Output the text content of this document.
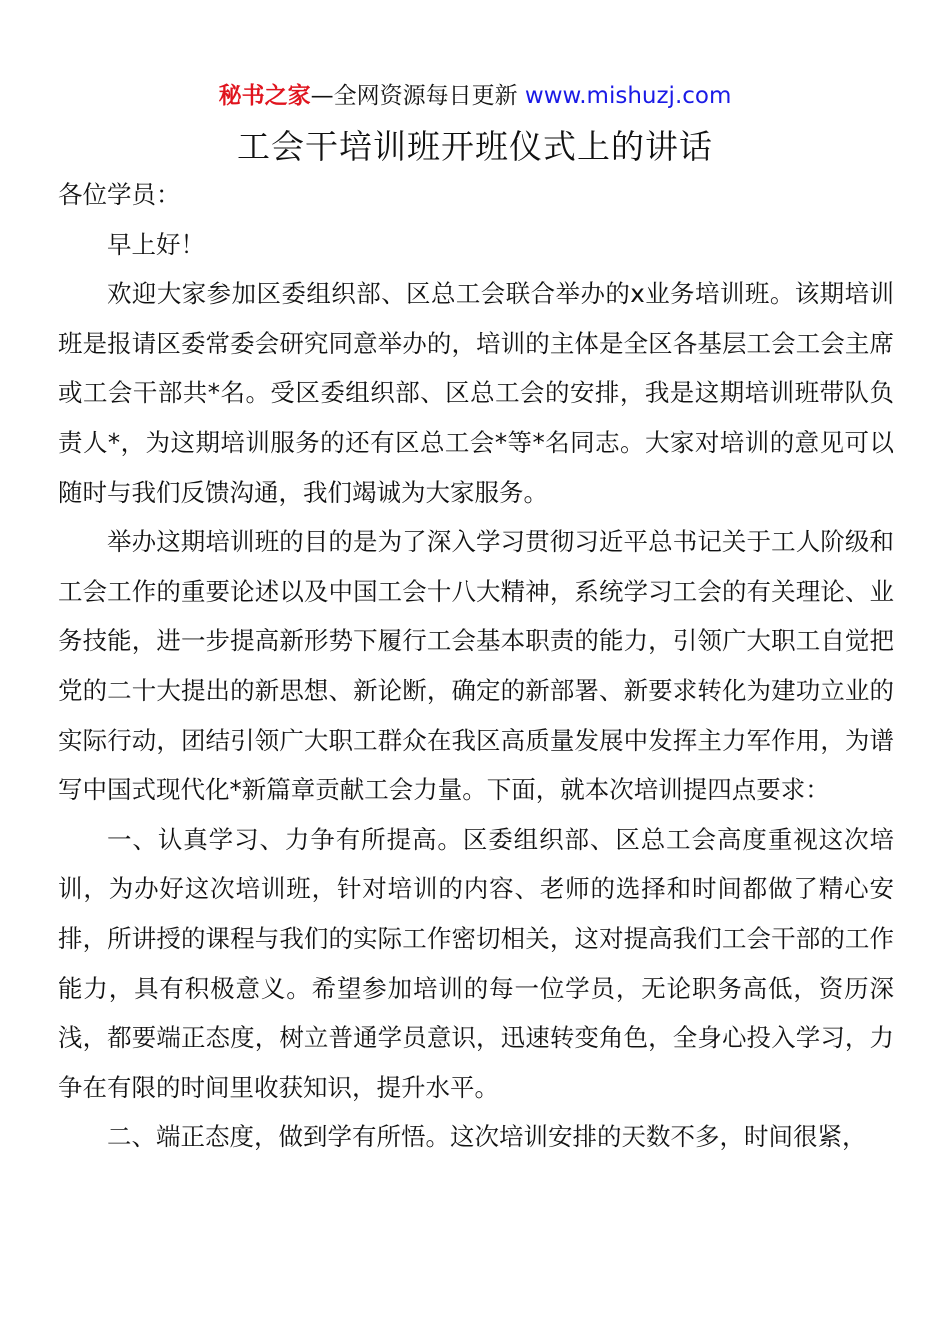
秘书之家—全网资源每日更新 www.mishuzj.com
工会干培训班开班仪式上的讲话

各位学员：

早上好！

欢迎大家参加区委组织部、区总工会联合举办的x业务培训班。该期培训班是报请区委常委会研究同意举办的，培训的主体是全区各基层工会工会主席或工会干部共*名。受区委组织部、区总工会的安排，我是这期培训班带队负责人*，为这期培训服务的还有区总工会*等*名同志。大家对培训的意见可以随时与我们反馈沟通，我们竭诚为大家服务。

举办这期培训班的目的是为了深入学习贯彻习近平总书记关于工人阶级和工会工作的重要论述以及中国工会十八大精神，系统学习工会的有关理论、业务技能，进一步提高新形势下履行工会基本职责的能力，引领广大职工自觉把党的二十大提出的新思想、新论断，确定的新部署、新要求转化为建功立业的实际行动，团结引领广大职工群众在我区高质量发展中发挥主力军作用，为谱写中国式现代化*新篇章贡献工会力量。下面，就本次培训提四点要求：

一、认真学习、力争有所提高。区委组织部、区总工会高度重视这次培训，为办好这次培训班，针对培训的内容、老师的选择和时间都做了精心安排，所讲授的课程与我们的实际工作密切相关，这对提高我们工会干部的工作能力，具有积极意义。希望参加培训的每一位学员，无论职务高低，资历深浅，都要端正态度，树立普通学员意识，迅速转变角色，全身心投入学习，力争在有限的时间里收获知识，提升水平。

二、端正态度，做到学有所悟。这次培训安排的天数不多，时间很紧，
